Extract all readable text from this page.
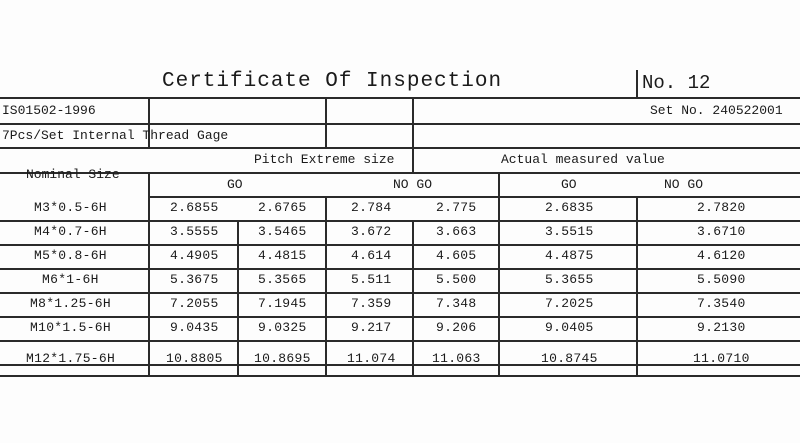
Certificate Of Inspection	No. 12
IS01502-1996	Set No. 240522001
7Pcs/Set Internal Thread Gage
Nominal Size
Pitch Extreme size	Actual measured value
GO	NO GO	GO	NO GO
M3*0.5-6H	2.6855	2.6765	2.784	2.775	2.6835	2.7820
M4*0.7-6H	3.5555	3.5465	3.672	3.663	3.5515	3.6710
M5*0.8-6H	4.4905	4.4815	4.614	4.605	4.4875	4.6120
M6*1-6H	5.3675	5.3565	5.511	5.500	5.3655	5.5090
M8*1.25-6H	7.2055	7.1945	7.359	7.348	7.2025	7.3540
M10*1.5-6H	9.0435	9.0325	9.217	9.206	9.0405	9.2130
M12*1.75-6H	10.8805 10.8695	11.074	11.063	10.8745	11.0710
